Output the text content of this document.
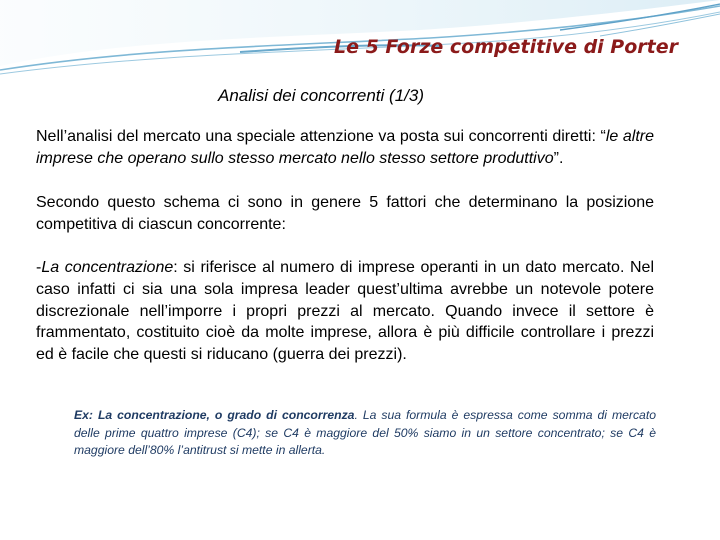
Le 5 Forze competitive di Porter
Analisi dei concorrenti (1/3)
Nell’analisi del mercato una speciale attenzione va posta sui concorrenti diretti: “le altre imprese che operano sullo stesso mercato nello stesso settore produttivo”.
Secondo questo schema ci sono in genere 5 fattori che determinano la posizione competitiva di ciascun concorrente:
-La concentrazione: si riferisce al numero di imprese operanti in un dato mercato. Nel caso infatti ci sia una sola impresa leader quest’ultima avrebbe un notevole potere discrezionale nell’imporre i propri prezzi al mercato. Quando invece il settore è frammentato, costituito cioè da molte imprese, allora è più difficile controllare i prezzi ed è facile che questi si riducano (guerra dei prezzi).
Ex: La concentrazione, o grado di concorrenza. La sua formula è espressa come somma di mercato delle prime quattro imprese (C4); se C4 è maggiore del 50% siamo in un settore concentrato; se C4 è maggiore dell’80% l’antitrust si mette in allerta.
